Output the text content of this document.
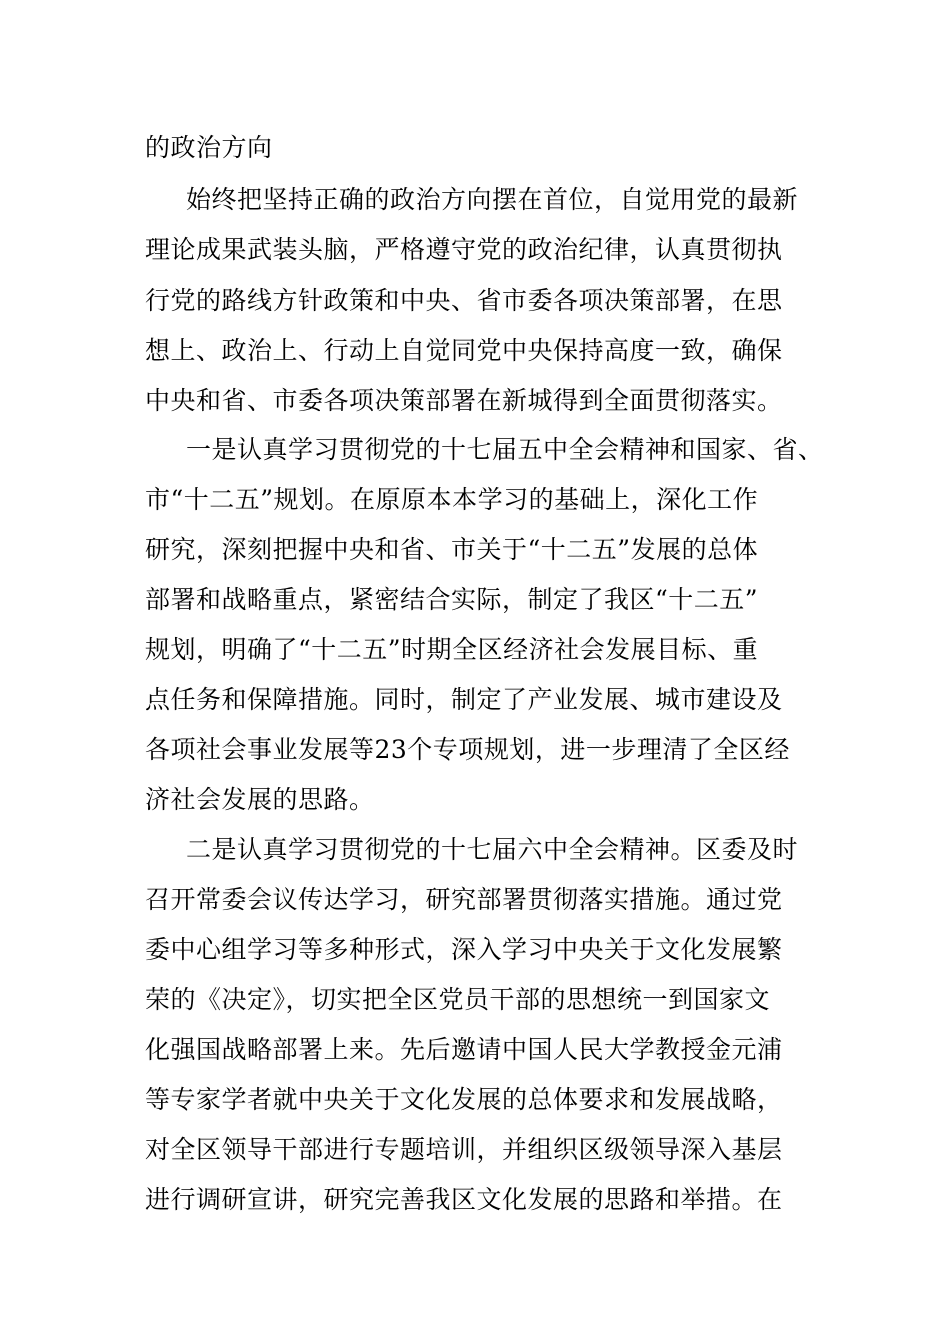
的政治方向
始终把坚持正确的政治方向摆在首位，自觉用党的最新
理论成果武装头脑，严格遵守党的政治纪律，认真贯彻执
行党的路线方针政策和中央、省市委各项决策部署，在思
想上、政治上、行动上自觉同党中央保持高度一致，确保
中央和省、市委各项决策部署在新城得到全面贯彻落实。
一是认真学习贯彻党的十七届五中全会精神和国家、省、
市“十二五”规划。在原原本本学习的基础上，深化工作
研究，深刻把握中央和省、市关于“十二五”发展的总体
部署和战略重点，紧密结合实际，制定了我区“十二五”
规划，明确了“十二五”时期全区经济社会发展目标、重
点任务和保障措施。同时，制定了产业发展、城市建设及
各项社会事业发展等23个专项规划，进一步理清了全区经
济社会发展的思路。
二是认真学习贯彻党的十七届六中全会精神。区委及时
召开常委会议传达学习，研究部署贯彻落实措施。通过党
委中心组学习等多种形式，深入学习中央关于文化发展繁
荣的《决定》，切实把全区党员干部的思想统一到国家文
化强国战略部署上来。先后邀请中国人民大学教授金元浦
等专家学者就中央关于文化发展的总体要求和发展战略，
对全区领导干部进行专题培训，并组织区级领导深入基层
进行调研宣讲，研究完善我区文化发展的思路和举措。在
